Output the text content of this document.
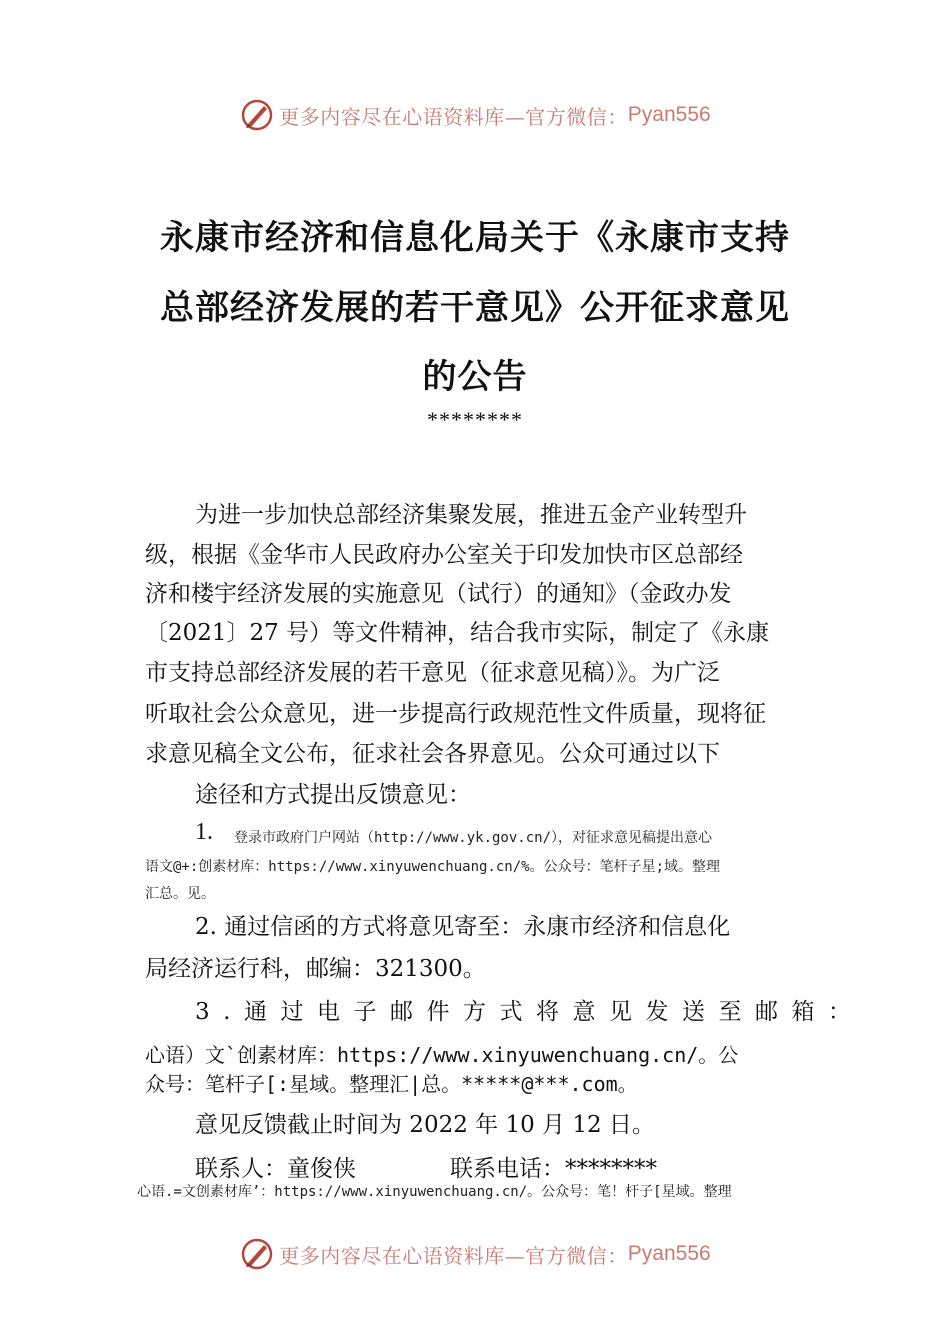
更多内容尽在心语资料库—官方微信： Pyan556
永康市经济和信息化局关于《永康市支持
总部经济发展的若干意见》公开征求意见
的公告
********
为进一步加快总部经济集聚发展，推进五金产业转型升
级，根据《金华市人民政府办公室关于印发加快市区总部经
济和楼宇经济发展的实施意见（试行）的通知》（金政办发
〔2021〕27 号）等文件精神，结合我市实际，制定了《永康
市支持总部经济发展的若干意见（征求意见稿）》。为广泛
听取社会公众意见，进一步提高行政规范性文件质量，现将征
求意见稿全文公布，征求社会各界意见。公众可通过以下
途径和方式提出反馈意见：
1. 登录市政府门户网站（http://www.yk.gov.cn/），对征求意见稿提出意心
语文@+:创素材库：https://www.xinyuwenchuang.cn/%。公众号：笔杆子星;域。整理
汇总。见。
2. 通过信函的方式将意见寄至：永康市经济和信息化
局经济运行科，邮编：321300。
3.通过电子邮件方式将意见发送至邮箱：
心语）文`创素材库：https://www.xinyuwenchuang.cn/。公
众号：笔杆子[:星域。整理汇|总。*****@***.com。
意见反馈截止时间为 2022 年 10 月 12 日。
联系人：童俊侠	联系电话：********
心语.=文创素材库’：https://www.xinyuwenchuang.cn/。公众号：笔！杆子[星域。整理
更多内容尽在心语资料库—官方微信： Pyan556
